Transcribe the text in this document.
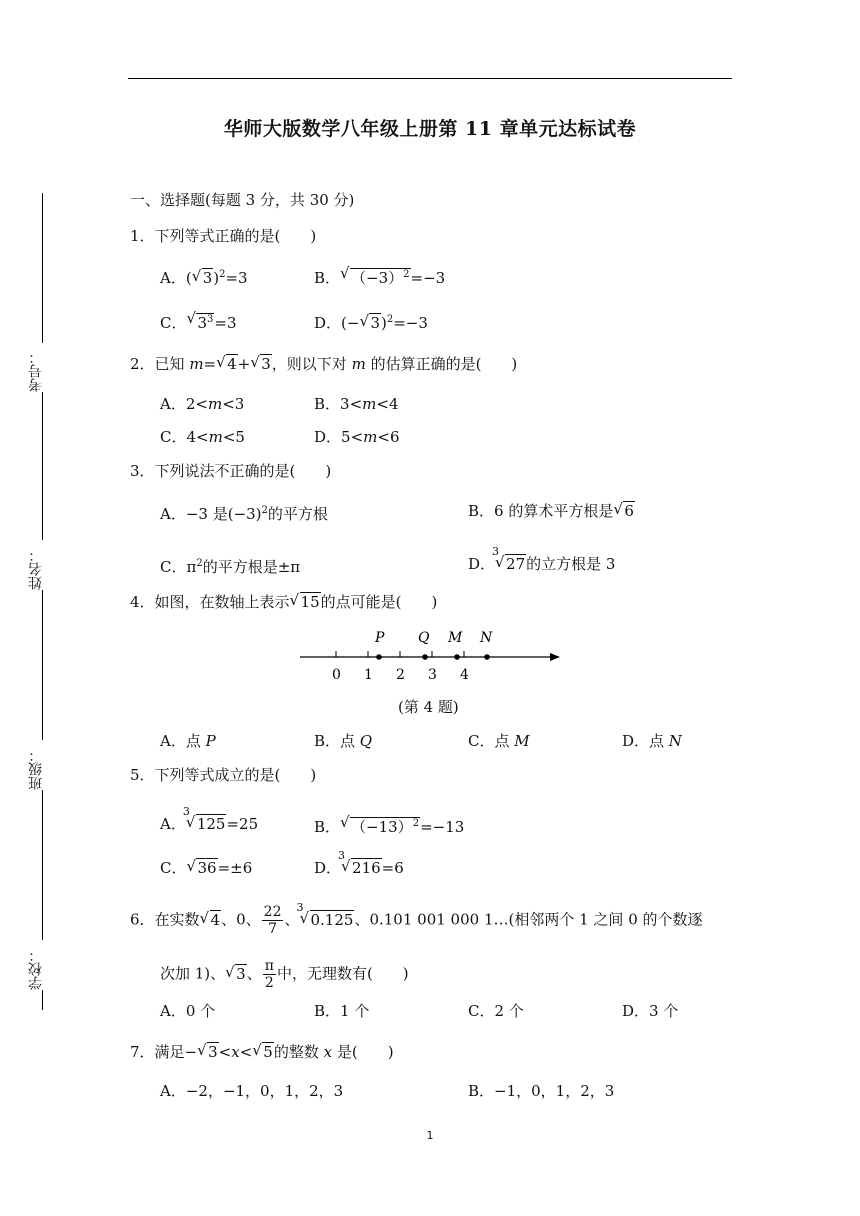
华师大版数学八年级上册第 11 章单元达标试卷
考号：
姓名：
班级：
学校：
一、选择题(每题 3 分，共 30 分)
1．下列等式正确的是(　　)
A．( √ 3)$^2$=3	B． √ $(-3)^2=-3$
C． √ $3^3=3$	D．(− √ 3)$^2$=−3
2．已知 m= √ 4+ √ 3，则以下对 m 的估算正确的是(　　)
A．2<m<3	B．3<m<4
C．4<m<5	D．5<m<6
3．下列说法不正确的是(　　)
A．−3 是$(-3)^2$的平方根	B．6 的算术平方根是 √ 6
C．$\pi^2$的平方根是±π	D． √ 27 3的立方根是 3
4．如图，在数轴上表示 √ 15的点可能是(　　)
0 1 2 3 4
P Q M N
(第 4 题)
A．点 P	B．点 Q	C．点 M	D．点 N
5．下列等式成立的是(　　)
A． √ 125 3=25	B． √ $(-13)^2=-13$
C． √ 36=±6	D． √ 216 3=6
6．在实数 √ 4、0、 $\frac{22}{7}$ 、 √ 0.125 3、0.101 001 000 1…(相邻两个 1 之间 0 的个数逐
次加 1)、 √ 3、 $\frac{\pi}{2}$ 中，无理数有(　　)
A．0 个	B．1 个	C．2 个	D．3 个
7．满足− √ 3<x< √ 5的整数 x 是(　　)
A．−2，−1，0，1，2，3	B．−1，0，1，2，3
1
